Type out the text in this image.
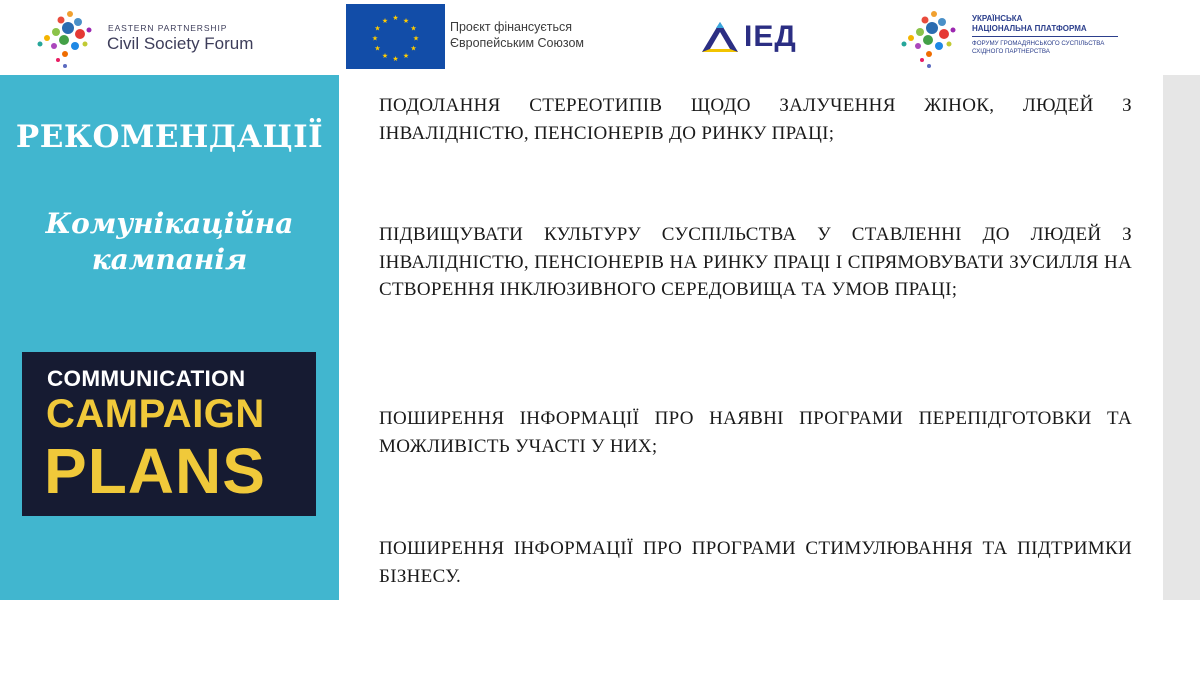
EASTERN PARTNERSHIP
Civil Society Forum
★ ★
★
★
★
★
★
★
★
★
★
★	Проєкт фінансується
Європейським Союзом	ІЕД
УКРАЇНСЬКА
НАЦІОНАЛЬНА ПЛАТФОРМА
ФОРУМУ ГРОМАДЯНСЬКОГО СУСПІЛЬСТВА
СХІДНОГО ПАРТНЕРСТВА
РЕКОМЕНДАЦІЇ
Комунікаційна
кампанія
COMMUNICATION
CAMPAIGN
PLANS
ПОДОЛАННЯ СТЕРЕОТИПІВ ЩОДО ЗАЛУЧЕННЯ ЖІНОК, ЛЮДЕЙ З ІНВАЛІДНІСТЮ, ПЕНСІОНЕРІВ ДО РИНКУ ПРАЦІ;
ПІДВИЩУВАТИ КУЛЬТУРУ СУСПІЛЬСТВА У СТАВЛЕННІ ДО ЛЮДЕЙ З ІНВАЛІДНІСТЮ, ПЕНСІОНЕРІВ НА РИНКУ ПРАЦІ І СПРЯМОВУВАТИ ЗУСИЛЛЯ НА СТВОРЕННЯ ІНКЛЮЗИВНОГО СЕРЕДОВИЩА ТА УМОВ ПРАЦІ;
ПОШИРЕННЯ ІНФОРМАЦІЇ ПРО НАЯВНІ ПРОГРАМИ ПЕРЕПІДГОТОВКИ ТА МОЖЛИВІСТЬ УЧАСТІ У НИХ;
ПОШИРЕННЯ ІНФОРМАЦІЇ ПРО ПРОГРАМИ СТИМУЛЮВАННЯ ТА ПІДТРИМКИ БІЗНЕСУ.
